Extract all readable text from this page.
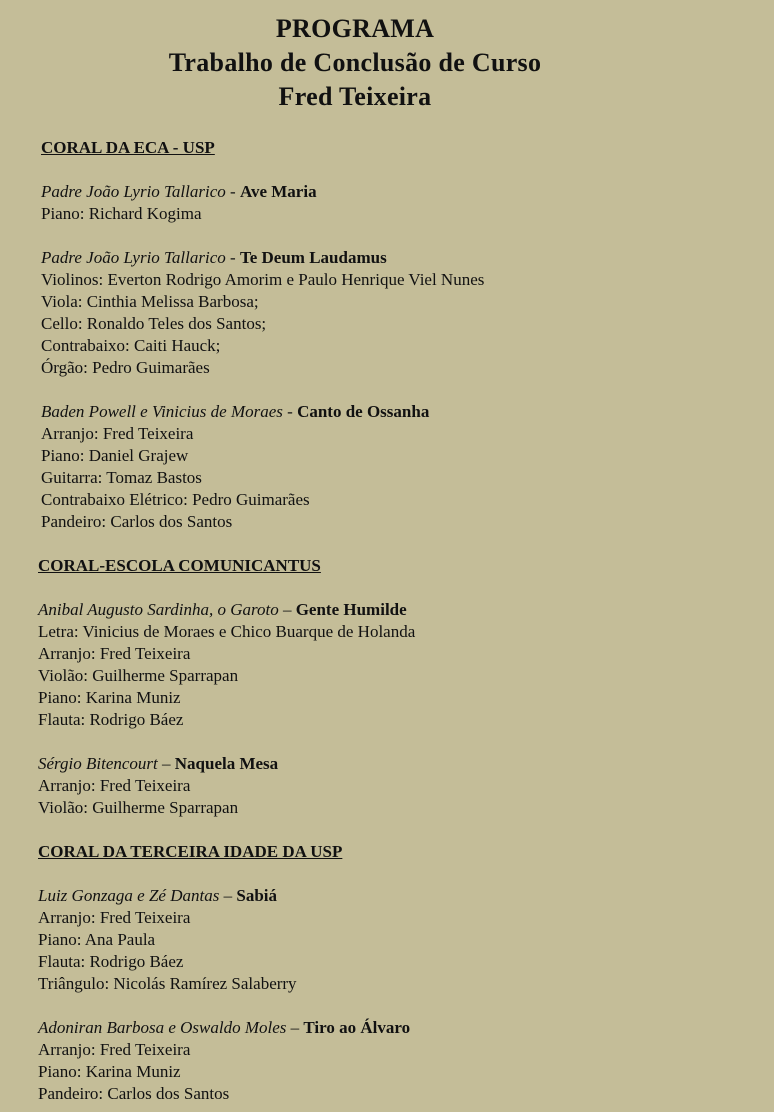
PROGRAMA
Trabalho de Conclusão de Curso
Fred Teixeira
CORAL DA ECA - USP
Padre João Lyrio Tallarico - Ave Maria
Piano: Richard Kogima
Padre João Lyrio Tallarico - Te Deum Laudamus
Violinos: Everton Rodrigo Amorim e Paulo Henrique Viel Nunes
Viola: Cinthia Melissa Barbosa;
Cello: Ronaldo Teles dos Santos;
Contrabaixo: Caiti Hauck;
Órgão: Pedro Guimarães
Baden Powell e Vinicius de Moraes - Canto de Ossanha
Arranjo: Fred Teixeira
Piano: Daniel Grajew
Guitarra: Tomaz Bastos
Contrabaixo Elétrico: Pedro Guimarães
Pandeiro: Carlos dos Santos
CORAL-ESCOLA COMUNICANTUS
Anibal Augusto Sardinha, o Garoto – Gente Humilde
Letra: Vinicius de Moraes e Chico Buarque de Holanda
Arranjo: Fred Teixeira
Violão: Guilherme Sparrapan
Piano: Karina Muniz
Flauta: Rodrigo Báez
Sérgio Bitencourt – Naquela Mesa
Arranjo: Fred Teixeira
Violão: Guilherme Sparrapan
CORAL DA TERCEIRA IDADE DA USP
Luiz Gonzaga e Zé Dantas – Sabiá
Arranjo: Fred Teixeira
Piano: Ana Paula
Flauta: Rodrigo Báez
Triângulo: Nicolás Ramírez Salaberry
Adoniran Barbosa e Oswaldo Moles – Tiro ao Álvaro
Arranjo: Fred Teixeira
Piano: Karina Muniz
Pandeiro: Carlos dos Santos
